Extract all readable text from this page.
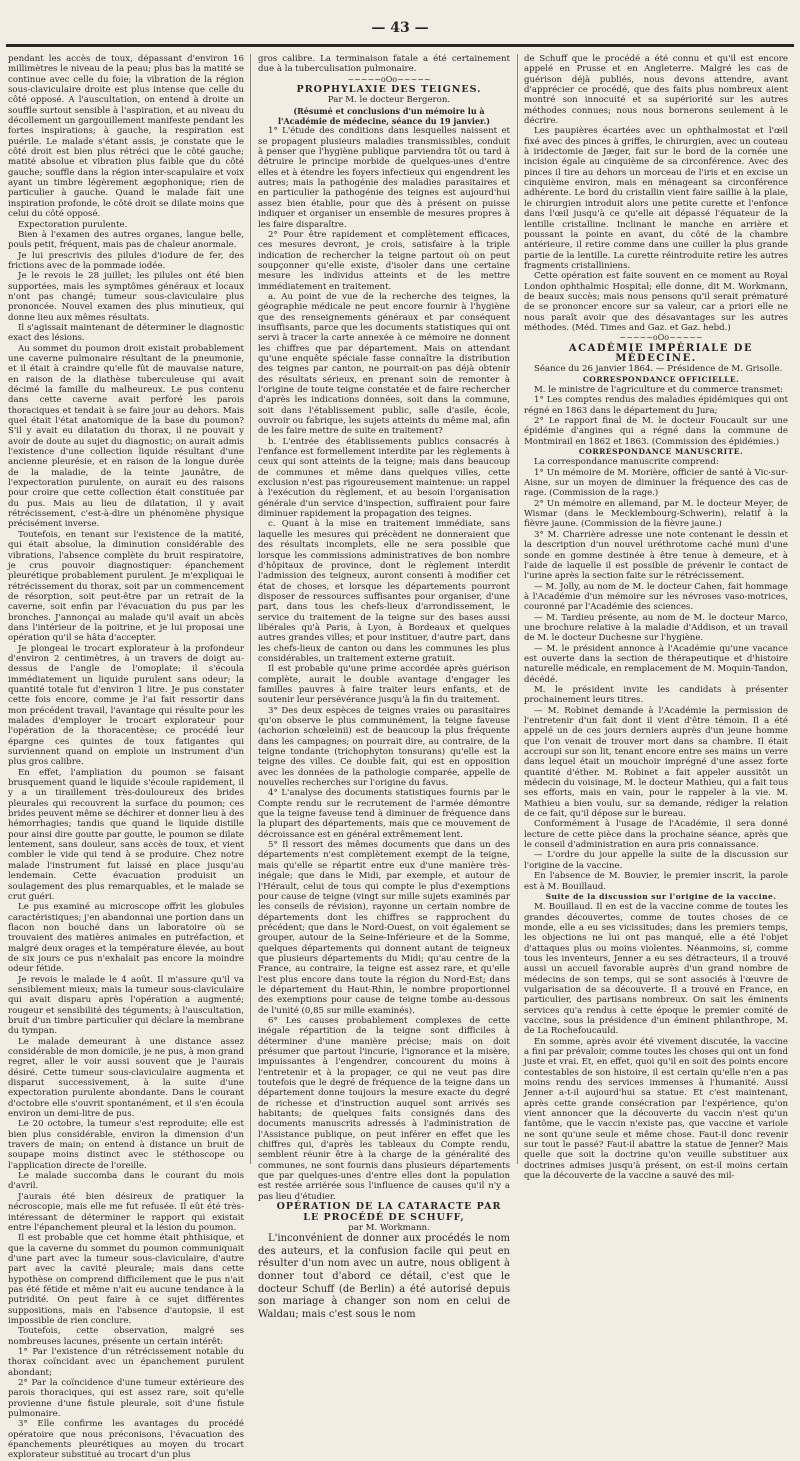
— 43 —

pendant les accès de toux, dépassant d'environ 16 millimètres le niveau de la peau; plus bas la matité se continue avec celle du foie; la vibration de la région sous-claviculaire droite est plus intense que celle du côté opposé. A l'auscultation, on entend à droite un souffle surtout sensible à l'aspiration, et au niveau du décollement un gargouillement manifeste pendant les fortes inspirations; à gauche, la respiration est puérile. Le malade s'étant assis, je constate que le côté droit est bien plus rétréci que le côté gauche; matité absolue et vibration plus faible que du côté gauche; souffle dans la région inter-scapulaire et voix ayant un timbre légèrement ægophonique; rien de particulier à gauche. Quand le malade fait une inspiration profonde, le côté droit se dilate moins que celui du côté opposé.

Expectoration purulente.

Bien à l'examen des autres organes, langue belle, pouls petit, fréquent, mais pas de chaleur anormale.

Je lui prescrivis des pilules d'iodure de fer, des frictions avec de la pommade iodée.

Je le revois le 28 juillet; les pilules ont été bien supportées, mais les symptômes généraux et locaux n'ont pas changé; tumeur sous-claviculaire plus prononcée. Nouvel examen des plus minutieux, qui donne lieu aux mêmes résultats.

Il s'agissait maintenant de déterminer le diagnostic exact des lésions.

Au sommet du poumon droit existait probablement une caverne pulmonaire résultant de la pneumonie, et il était à craindre qu'elle fût de mauvaise nature, en raison de la diathèse tuberculeuse qui avait décimé la famille du malheureux. Le pus contenu dans cette caverne avait perforé les parois thoraciques et tendait à se faire jour au dehors. Mais quel était l'état anatomique de la base du poumon? S'il y avait eu dilatation du thorax, il ne pouvait y avoir de doute au sujet du diagnostic; on aurait admis l'existence d'une collection liquide résultant d'une ancienne pleurésie, et en raison de la longue durée de la maladie, de la teinte jaunâtre, de l'expectoration purulente, on aurait eu des raisons pour croire que cette collection était constituée par du pus. Mais au lieu de dilatation, il y avait rétrécissement, c'est-à-dire un phénomène physique précisément inverse.

Toutefois, en tenant sur l'existence de la matité, qui était absolue, la diminution considérable des vibrations, l'absence complète du bruit respiratoire, je crus pouvoir diagnostiquer: épanchement pleurétique probablement purulent. Je m'expliquai le rétrécissement du thorax, soit par un commencement de résorption, soit peut-être par un retrait de la caverne, soit enfin par l'évacuation du pus par les bronches. J'annonçai au malade qu'il avait un abcès dans l'intérieur de la poitrine, et je lui proposai une opération qu'il se hâta d'accepter.

Je plongeai le trocart explorateur à la profondeur d'environ 2 centimètres, à un travers de doigt au-dessus de l'angle de l'omoplate; il s'écoula immédiatement un liquide purulent sans odeur; la quantité totale fut d'environ 1 litre. Je pus constater cette fois encore, comme je l'ai fait ressortir dans mon précédent travail, l'avantage qui résulte pour les malades d'employer le trocart explorateur pour l'opération de la thoracentèse; ce procédé leur épargne ces quintes de toux fatigantes qui surviennent quand on emploie un instrument d'un plus gros calibre.

En effet, l'ampliation du poumon se faisant brusquement quand le liquide s'écoule rapidement, il y a un tiraillement très-douloureux des brides pleurales qui recouvrent la surface du poumon; ces brides peuvent même se déchirer et donner lieu à des hémorrhagies; tandis que quand le liquide distille pour ainsi dire goutte par goutte, le poumon se dilate lentement, sans douleur, sans accès de toux, et vient combler le vide qui tend à se produire. Chez notre malade l'instrument fut laissé en place jusqu'au lendemain. Cette évacuation produisit un soulagement des plus remarquables, et le malade se crut guéri.

Le pus examiné au microscope offrit les globules caractéristiques; j'en abandonnai une portion dans un flacon non bouché dans un laboratoire où se trouvaient des matières animales en putréfaction, et malgré deux orages et la température élevée, au bout de six jours ce pus n'exhalait pas encore la moindre odeur fétide.

Je revois le malade le 4 août. Il m'assure qu'il va sensiblement mieux; mais la tumeur sous-claviculaire qui avait disparu après l'opération a augmenté; rougeur et sensibilité des téguments; à l'auscultation, bruit d'un timbre particulier qui déclare la membrane du tympan.

Le malade demeurant à une distance assez considérable de mon domicile, je ne pus, à mon grand regret, aller le voir aussi souvent que je l'aurais désiré. Cette tumeur sous-claviculaire augmenta et disparut successivement, à la suite d'une expectoration purulente abondante. Dans le courant d'octobre elle s'ouvrit spontanément, et il s'en écoula environ un demi-litre de pus.

Le 20 octobre, la tumeur s'est reproduite; elle est bien plus considérable, environ la dimension d'un travers de main; on entend à distance un bruit de soupape moins distinct avec le stéthoscope ou l'application directe de l'oreille.

Le malade succomba dans le courant du mois d'avril.

J'aurais été bien désireux de pratiquer la nécroscopie, mais elle me fut refusée. Il eût été très-intéressant de déterminer le rapport qui existait entre l'épanchement pleural et la lésion du poumon.

Il est probable que cet homme était phthisique, et que la caverne du sommet du poumon communiquait d'une part avec la tumeur sous-claviculaire, d'autre part avec la cavité pleurale; mais dans cette hypothèse on comprend difficilement que le pus n'ait pas été fétide et même n'ait eu aucune tendance à la putridité. On peut faire à ce sujet différentes suppositions, mais en l'absence d'autopsie, il est impossible de rien conclure.

Toutefois, cette observation, malgré ses nombreuses lacunes, présente un certain intérêt:

1° Par l'existence d'un rétrécissement notable du thorax coïncidant avec un épanchement purulent abondant;

2° Par la coïncidence d'une tumeur extérieure des parois thoraciques, qui est assez rare, soit qu'elle provienne d'une fistule pleurale, soit d'une fistule pulmonaire.

3° Elle confirme les avantages du procédé opératoire que nous préconisons, l'évacuation des épanchements pleurétiques au moyen du trocart explorateur substitué au trocart d'un plus

gros calibre. La terminaison fatale a été certainement due à la tuberculisation pulmonaire.

~~~~~oOo~~~~~

PROPHYLAXIE DES TEIGNES.

Par M. le docteur Bergeron.

(Résumé et conclusions d'un mémoire lu à l'Académie de médecine, séance du 19 janvier.)

1° L'étude des conditions dans lesquelles naissent et se propagent plusieurs maladies transmissibles, conduit à penser que l'hygiène publique parviendra tôt ou tard à détruire le principe morbide de quelques-unes d'entre elles et à étendre les foyers infectieux qui engendrent les autres; mais la pathogénie des maladies parasitaires et en particulier la pathogénie des teignes est aujourd'hui assez bien établie, pour que dès à présent on puisse indiquer et organiser un ensemble de mesures propres à les faire disparaître.

2° Pour être rapidement et complètement efficaces, ces mesures devront, je crois, satisfaire à la triple indication de rechercher la teigne partout où on peut soupçonner qu'elle existe, d'isoler dans une certaine mesure les individus atteints et de les mettre immédiatement en traitement.

a. Au point de vue de la recherche des teignes, la géographie médicale ne peut encore fournir à l'hygiène que des renseignements généraux et par conséquent insuffisants, parce que les documents statistiques qui ont servi à tracer la carte annexée à ce mémoire ne donnent les chiffres que par département. Mais on attendant qu'une enquête spéciale fasse connaître la distribution des teignes par canton, ne pourrait-on pas déjà obtenir des résultats sérieux, en prenant soin de remonter à l'origine de toute teigne constatée et de faire rechercher d'après les indications données, soit dans la commune, soit dans l'établissement public, salle d'asile, école, ouvroir ou fabrique, les sujets atteints du même mal, afin de les faire mettre de suite en traitement?

b. L'entrée des établissements publics consacrés à l'enfance est formellement interdite par les règlements à ceux qui sont atteints de la teigne; mais dans beaucoup de communes et même dans quelques villes, cette exclusion n'est pas rigoureusement maintenue: un rappel à l'exécution du règlement, et au besoin l'organisation générale d'un service d'inspection, suffiraient pour faire diminuer rapidement la propagation des teignes.

c. Quant à la mise en traitement immédiate, sans laquelle les mesures qui précèdent ne donneraient que des résultats incomplets, elle ne sera possible que lorsque les commissions administratives de bon nombre d'hôpitaux de province, dont le règlement interdit l'admission des teigneux, auront consenti à modifier cet état de choses, et lorsque les départements pourront disposer de ressources suffisantes pour organiser, d'une part, dans tous les chefs-lieux d'arrondissement, le service du traitement de la teigne sur des bases aussi libérales qu'à Paris, à Lyon, à Bordeaux et quelques autres grandes villes; et pour instituer, d'autre part, dans les chefs-lieux de canton ou dans les communes les plus considérables, un traitement externe gratuit.

Il est probable qu'une prime accordée après guérison complète, aurait le double avantage d'engager les familles pauvres à faire traiter leurs enfants, et de soutenir leur persévérance jusqu'à la fin du traitement.

3° Des deux espèces de teignes vraies ou parasitaires qu'on observe le plus communément, la teigne faveuse (achorion schœleinii) est de beaucoup la plus fréquente dans les campagnes; on pourrait dire, au contraire, de la teigne tondante (trichophyton tonsurans) qu'elle est la teigne des villes. Ce double fait, qui est en opposition avec les données de la pathologie comparée, appelle de nouvelles recherches sur l'origine du favus.

4° L'analyse des documents statistiques fournis par le Compte rendu sur le recrutement de l'armée démontre que la teigne faveuse tend à diminuer de fréquence dans la plupart des départements, mais que ce mouvement de décroissance est en général extrêmement lent.

5° Il ressort des mêmes documents que dans un des départements n'est complètement exempt de la teigne, mais qu'elle se répartit entre eux d'une manière très-inégale; que dans le Midi, par exemple, et autour de l'Hérault, celui de tous qui compte le plus d'exemptions pour cause de teigne (vingt sur mille sujets examinés par les conseils de révision), rayonne un certain nombre de départements dont les chiffres se rapprochent du précédent; que dans le Nord-Ouest, on voit également se grouper, autour de la Seine-Inférieure et de la Somme, quelques départements qui donnent autant de teigneux que plusieurs départements du Midi; qu'au centre de la France, au contraire, la teigne est assez rare, et qu'elle l'est plus encore dans toute la région du Nord-Est; dans le département du Haut-Rhin, le nombre proportionnel des exemptions pour cause de teigne tombe au-dessous de l'unité (0,85 sur mille examinés).

6° Les causes probablement complexes de cette inégale répartition de la teigne sont difficiles à déterminer d'une manière précise; mais on doit présumer que partout l'incurie, l'ignorance et la misère, impuissantes à l'engendrer, concourent du moins à l'entretenir et à la propager, ce qui ne veut pas dire toutefois que le degré de fréquence de la teigne dans un département donne toujours la mesure exacte du degré de richesse et d'instruction auquel sont arrivés ses habitants; de quelques faits consignés dans des documents manuscrits adressés à l'administration de l'Assistance publique, on peut inférer en effet que les chiffres qui, d'après les tableaux du Compte rendu, semblent réunir être à la charge de la généralité des communes, ne sont fournis dans plusieurs départements que par quelques-unes d'entre elles dont la population est restée arriérée sous l'influence de causes qu'il n'y a pas lieu d'étudier.

OPÉRATION DE LA CATARACTE PAR LE PROCÉDÉ DE SCHUFF,

par M. Workmann.

L'inconvénient de donner aux procédés le nom des auteurs, et la confusion facile qui peut en résulter d'un nom avec un autre, nous obligent à donner tout d'abord ce détail, c'est que le docteur Schuff (de Berlin) a été autorisé depuis son mariage à changer son nom en celui de Waldau; mais c'est sous le nom

de Schuff que le procédé a été connu et qu'il est encore appelé en Prusse et en Angleterre. Malgré les cas de guérison déjà publiés, nous devons attendre, avant d'apprécier ce procédé, que des faits plus nombreux aient montré son innocuité et sa supériorité sur les autres méthodes connues; nous nous bornerons seulement à le décrire.

Les paupières écartées avec un ophthalmostat et l'œil fixé avec des pinces à griffes, le chirurgien, avec un couteau à iridectomie de Jæger, fait sur le bord de la cornée une incision égale au cinquième de sa circonférence. Avec des pinces il tire au dehors un morceau de l'iris et en excise un cinquième environ, mais en ménageant sa circonférence adhérente. Le bord du cristallin vient faire saillie à la plaie, le chirurgien introduit alors une petite curette et l'enfonce dans l'œil jusqu'à ce qu'elle ait dépassé l'équateur de la lentille cristalline. Inclinant le manche en arrière et poussant la pointe en avant, du côté de la chambre antérieure, il retire comme dans une cuiller la plus grande partie de la lentille. La curette réintroduite retire les autres fragments cristalliniens.

Cette opération est faite souvent en ce moment au Royal London ophthalmic Hospital; elle donne, dit M. Workmann, de beaux succès; mais nous pensons qu'il serait prématuré de se prononcer encore sur sa valeur, car a priori elle ne nous paraît avoir que des désavantages sur les autres méthodes. (Méd. Times and Gaz. et Gaz. hebd.)

~~~~~oOo~~~~~

ACADÉMIE IMPÉRIALE DE MÉDECINE.

Séance du 26 janvier 1864. — Présidence de M. Grisolle.

CORRESPONDANCE OFFICIELLE.

M. le ministre de l'agriculture et du commerce transmet:

1° Les comptes rendus des maladies épidémiques qui ont régné en 1863 dans le département du Jura;

2° Le rapport final de M. le docteur Foucault sur une épidémie d'angines qui a régné dans la commune de Montmirail en 1862 et 1863. (Commission des épidémies.)

CORRESPONDANCE MANUSCRITE.

La correspondance manuscrite comprend:

1° Un mémoire de M. Morière, officier de santé à Vic-sur-Aisne, sur un moyen de diminuer la fréquence des cas de rage. (Commission de la rage.)

2° Un mémoire en allemand, par M. le docteur Meyer, de Wismar (dans le Mecklembourg-Schwerin), relatif à la fièvre jaune. (Commission de la fièvre jaune.)

3° M. Charrière adresse une note contenant le dessin et la description d'un nouvel uréthrotome caché muni d'une sonde en gomme destinée à être tenue à demeure, et à l'aide de laquelle il est possible de prévenir le contact de l'urine après la section faite sur le rétrécissement.

— M. Jolly, au nom de M. le docteur Cahen, fait hommage à l'Académie d'un mémoire sur les névroses vaso-motrices, couronné par l'Académie des sciences.

— M. Tardieu présente, au nom de M. le docteur Marco, une brochure relative à la maladie d'Addison, et un travail de M. le docteur Duchesne sur l'hygiène.

— M. le président annonce à l'Académie qu'une vacance est ouverte dans la section de thérapeutique et d'histoire naturelle médicale, en remplacement de M. Moquin-Tandon, décédé.

M. le président invite les candidats à présenter prochainement leurs titres.

— M. Robinet demande à l'Académie la permission de l'entretenir d'un fait dont il vient d'être témoin. Il a été appelé un de ces jours derniers auprès d'un jeune homme que l'on venait de trouver mort dans sa chambre. Il était accroupi sur son lit, tenant encore entre ses mains un verre dans lequel était un mouchoir imprégné d'une assez forte quantité d'éther. M. Robinet a fait appeler aussitôt un médecin du voisinage, M. le docteur Mathieu, qui a fait tous ses efforts, mais en vain, pour le rappeler à la vie. M. Mathieu a bien voulu, sur sa demande, rédiger la relation de ce fait, qu'il dépose sur le bureau.

Conformément à l'usage de l'Académie, il sera donné lecture de cette pièce dans la prochaine séance, après que le conseil d'administration en aura pris connaissance.

— L'ordre du jour appelle la suite de la discussion sur l'origine de la vaccine.

En l'absence de M. Bouvier, le premier inscrit, la parole est à M. Bouillaud.

Suite de la discussion sur l'origine de la vaccine.

M. Bouillaud. Il en est de la vaccine comme de toutes les grandes découvertes, comme de toutes choses de ce monde, elle a eu ses vicissitudes; dans les premiers temps, les objections ne lui ont pas manqué, elle a été l'objet d'attaques plus ou moins violentes. Néanmoins, si, comme tous les inventeurs, Jenner a eu ses détracteurs, il a trouvé aussi un accueil favorable auprès d'un grand nombre de médecins de son temps, qui se sont associés à l'œuvre de vulgarisation de sa découverte. Il a trouvé en France, en particulier, des partisans nombreux. On sait les éminents services qu'a rendus à cette époque le premier comité de vaccine, sous la présidence d'un éminent philanthrope, M. de La Rochefoucauld.

En somme, après avoir été vivement discutée, la vaccine a fini par prévaloir, comme toutes les choses qui ont un fond juste et vrai. Et, en effet, quoi qu'il en soit des points encore contestables de son histoire, il est certain qu'elle n'en a pas moins rendu des services immenses à l'humanité. Aussi Jenner a-t-il aujourd'hui sa statue. Et c'est maintenant, après cette grande consécration par l'expérience, qu'on vient annoncer que la découverte du vaccin n'est qu'un fantôme, que le vaccin n'existe pas, que vaccine et variole ne sont qu'une seule et même chose. Faut-il donc revenir sur tout le passé? Faut-il abattre la statue de Jenner? Mais quelle que soit la doctrine qu'on veuille substituer aux doctrines admises jusqu'à présent, on est-il moins certain que la découverte de la vaccine a sauvé des mil-
